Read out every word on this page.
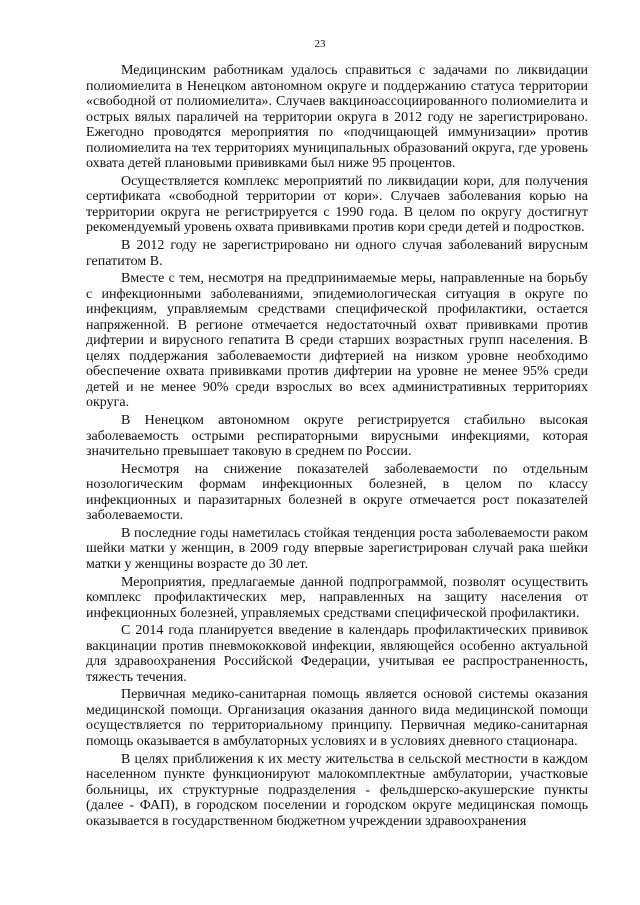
23

Медицинским работникам удалось справиться с задачами по ликвидации полиомиелита в Ненецком автономном округе и поддержанию статуса территории «свободной от полиомиелита». Случаев вакциноассоциированного полиомиелита и острых вялых параличей на территории округа в 2012 году не зарегистрировано. Ежегодно проводятся мероприятия по «подчищающей иммунизации» против полиомиелита на тех территориях муниципальных образований округа, где уровень охвата детей плановыми прививками был ниже 95 процентов.

Осуществляется комплекс мероприятий по ликвидации кори, для получения сертификата «свободной территории от кори». Случаев заболевания корью на территории округа не регистрируется с 1990 года. В целом по округу достигнут рекомендуемый уровень охвата прививками против кори среди детей и подростков.

В 2012 году не зарегистрировано ни одного случая заболеваний вирусным гепатитом В.

Вместе с тем, несмотря на предпринимаемые меры, направленные на борьбу с инфекционными заболеваниями, эпидемиологическая ситуация в округе по инфекциям, управляемым средствами специфической профилактики, остается напряженной. В регионе отмечается недостаточный охват прививками против дифтерии и вирусного гепатита В среди старших возрастных групп населения. В целях поддержания заболеваемости дифтерией на низком уровне необходимо обеспечение охвата прививками против дифтерии на уровне не менее 95% среди детей и не менее 90% среди взрослых во всех административных территориях округа.

В Ненецком автономном округе регистрируется стабильно высокая заболеваемость острыми респираторными вирусными инфекциями, которая значительно превышает таковую в среднем по России.

Несмотря на снижение показателей заболеваемости по отдельным нозологическим формам инфекционных болезней, в целом по классу инфекционных и паразитарных болезней в округе отмечается рост показателей заболеваемости.

В последние годы наметилась стойкая тенденция роста заболеваемости раком шейки матки у женщин, в 2009 году впервые зарегистрирован случай рака шейки матки у женщины возрасте до 30 лет.

Мероприятия, предлагаемые данной подпрограммой, позволят осуществить комплекс профилактических мер, направленных на защиту населения от инфекционных болезней, управляемых средствами специфической профилактики.

С 2014 года планируется введение в календарь профилактических прививок вакцинации против пневмококковой инфекции, являющейся особенно актуальной для здравоохранения Российской Федерации, учитывая ее распространенность, тяжесть течения.

Первичная медико-санитарная помощь является основой системы оказания медицинской помощи. Организация оказания данного вида медицинской помощи осуществляется по территориальному принципу. Первичная медико-санитарная помощь оказывается в амбулаторных условиях и в условиях дневного стационара.

В целях приближения к их месту жительства в сельской местности в каждом населенном пункте функционируют малокомплектные амбулатории, участковые больницы, их структурные подразделения - фельдшерско-акушерские пункты (далее - ФАП), в городском поселении и городском округе медицинская помощь оказывается в государственном бюджетном учреждении здравоохранения
